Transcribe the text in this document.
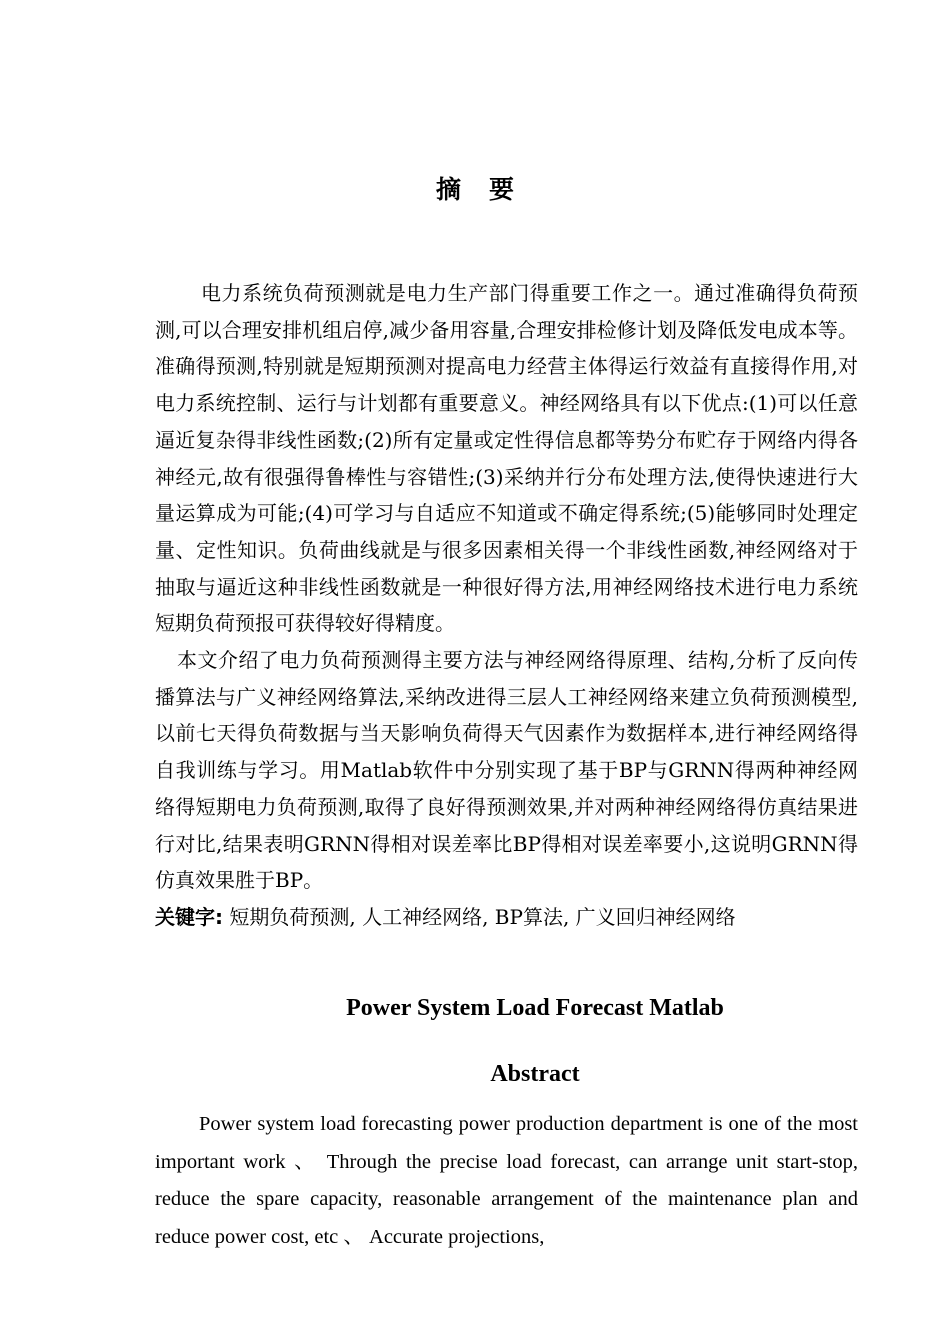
摘要

电力系统负荷预测就是电力生产部门得重要工作之一。通过准确得负荷预测,可以合理安排机组启停,减少备用容量,合理安排检修计划及降低发电成本等。准确得预测,特别就是短期预测对提高电力经营主体得运行效益有直接得作用,对电力系统控制、运行与计划都有重要意义。神经网络具有以下优点:(1)可以任意逼近复杂得非线性函数;(2)所有定量或定性得信息都等势分布贮存于网络内得各神经元,故有很强得鲁棒性与容错性;(3)采纳并行分布处理方法,使得快速进行大量运算成为可能;(4)可学习与自适应不知道或不确定得系统;(5)能够同时处理定量、定性知识。负荷曲线就是与很多因素相关得一个非线性函数,神经网络对于抽取与逼近这种非线性函数就是一种很好得方法,用神经网络技术进行电力系统短期负荷预报可获得较好得精度。

本文介绍了电力负荷预测得主要方法与神经网络得原理、结构,分析了反向传播算法与广义神经网络算法,采纳改进得三层人工神经网络来建立负荷预测模型,以前七天得负荷数据与当天影响负荷得天气因素作为数据样本,进行神经网络得自我训练与学习。用Matlab软件中分别实现了基于BP与GRNN得两种神经网络得短期电力负荷预测,取得了良好得预测效果,并对两种神经网络得仿真结果进行对比,结果表明GRNN得相对误差率比BP得相对误差率要小,这说明GRNN得仿真效果胜于BP。

关键字: 短期负荷预测, 人工神经网络, BP算法, 广义回归神经网络

Power System Load Forecast Matlab
Abstract

Power system load forecasting power production department is one of the most important work 、 Through the precise load forecast, can arrange unit start-stop, reduce the spare capacity, reasonable arrangement of the maintenance plan and reduce power cost, etc 、 Accurate projections,
